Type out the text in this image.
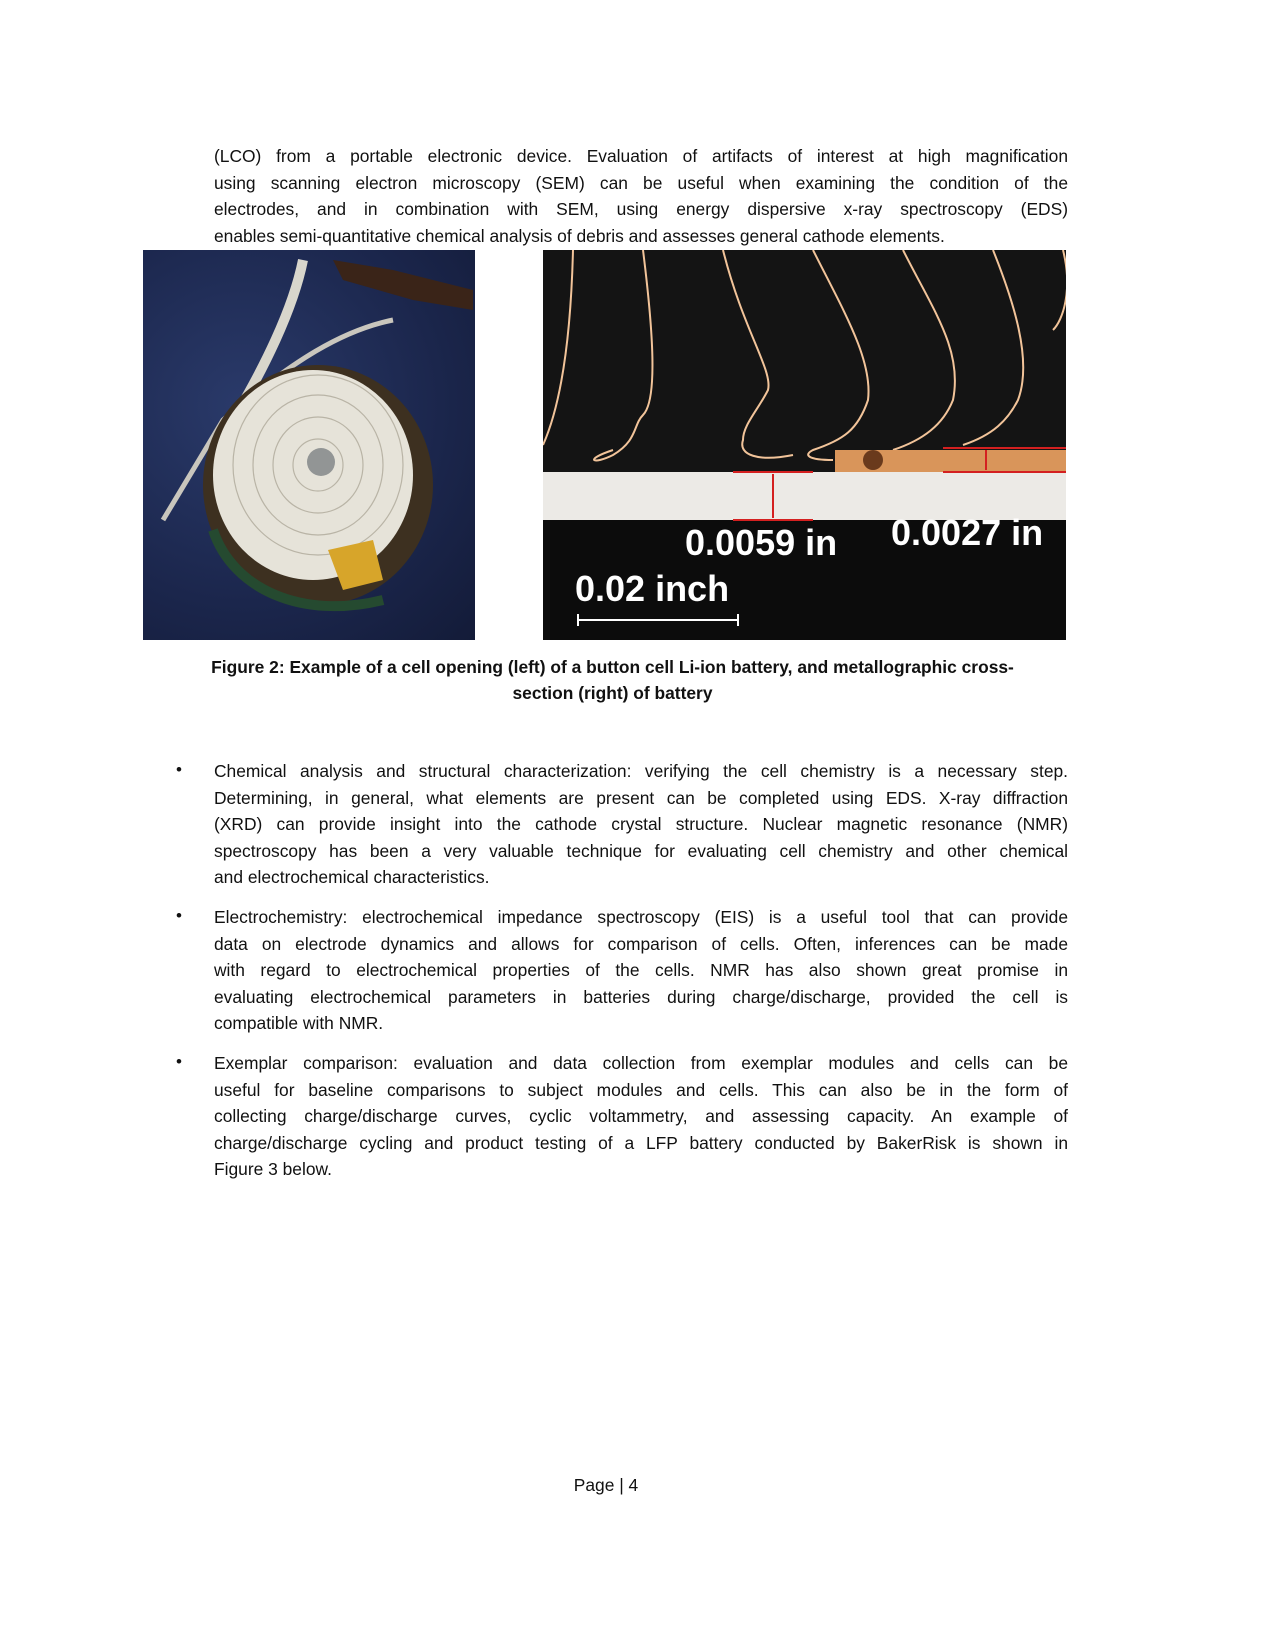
(LCO) from a portable electronic device. Evaluation of artifacts of interest at high magnification
using scanning electron microscopy (SEM) can be useful when examining the condition of the
electrodes, and in combination with SEM, using energy dispersive x-ray spectroscopy (EDS)
enables semi-quantitative chemical analysis of debris and assesses general cathode elements.
0.0059 in 0.0027 in
0.02 inch
Figure 2: Example of a cell opening (left) of a button cell Li-ion battery, and metallographic cross-
section (right) of battery
• Chemical analysis and structural characterization: verifying the cell chemistry is a necessary step.
Determining, in general, what elements are present can be completed using EDS. X-ray diffraction
(XRD) can provide insight into the cathode crystal structure. Nuclear magnetic resonance (NMR)
spectroscopy has been a very valuable technique for evaluating cell chemistry and other chemical
and electrochemical characteristics.
• Electrochemistry: electrochemical impedance spectroscopy (EIS) is a useful tool that can provide
data on electrode dynamics and allows for comparison of cells. Often, inferences can be made
with regard to electrochemical properties of the cells. NMR has also shown great promise in
evaluating electrochemical parameters in batteries during charge/discharge, provided the cell is
compatible with NMR.
• Exemplar comparison: evaluation and data collection from exemplar modules and cells can be
useful for baseline comparisons to subject modules and cells. This can also be in the form of
collecting charge/discharge curves, cyclic voltammetry, and assessing capacity. An example of
charge/discharge cycling and product testing of a LFP battery conducted by BakerRisk is shown in
Figure 3 below.
Page | 4
